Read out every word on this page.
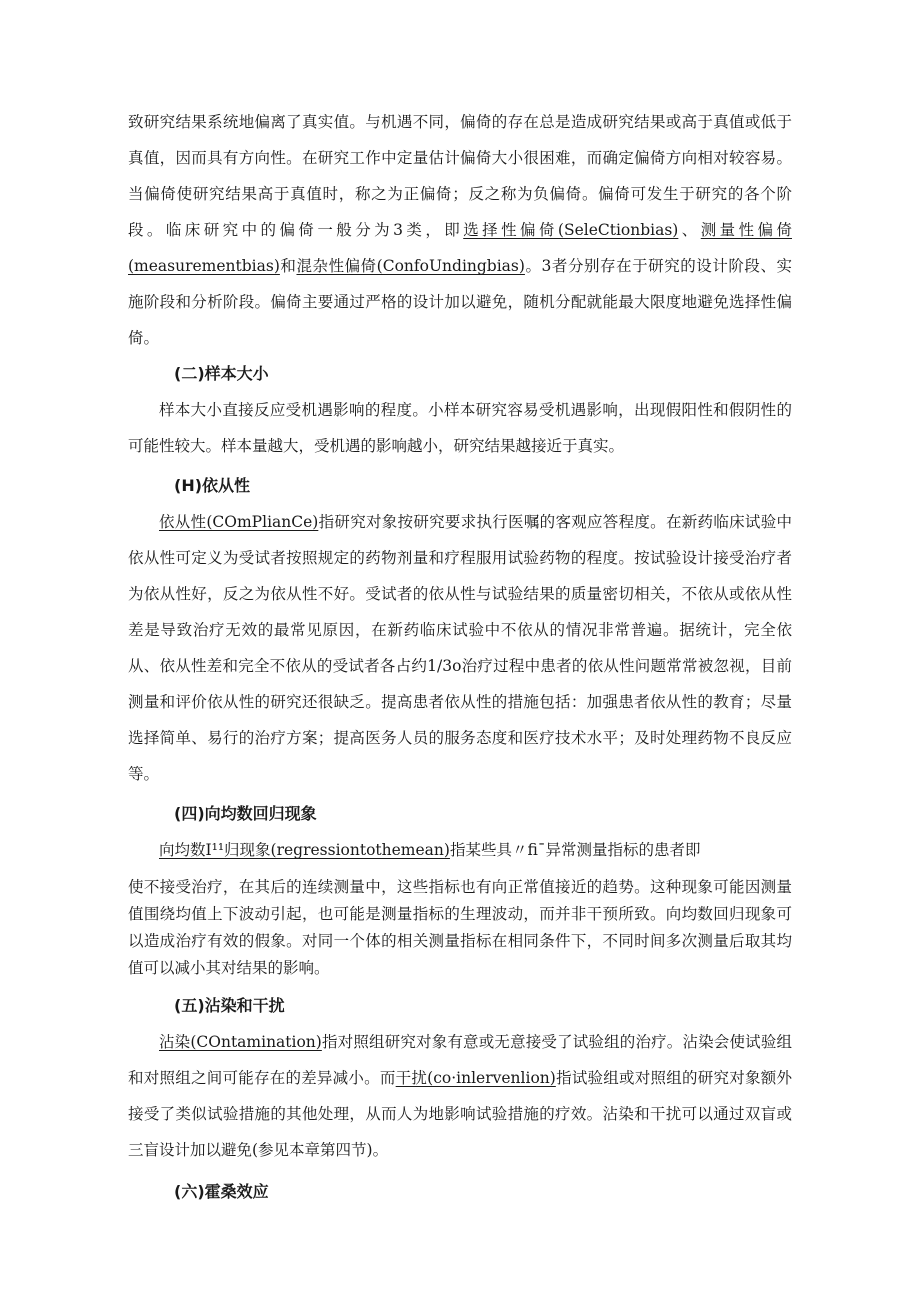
致研究结果系统地偏离了真实值。与机遇不同，偏倚的存在总是造成研究结果或高于真值或低于真值，因而具有方向性。在研究工作中定量估计偏倚大小很困难，而确定偏倚方向相对较容易。当偏倚使研究结果高于真值时，称之为正偏倚；反之称为负偏倚。偏倚可发生于研究的各个阶段。临床研究中的偏倚一般分为3类，即选择性偏倚(SeleCtionbias)、测量性偏倚(measurementbias)和混杂性偏倚(ConfoUndingbias)。3者分别存在于研究的设计阶段、实施阶段和分析阶段。偏倚主要通过严格的设计加以避免，随机分配就能最大限度地避免选择性偏倚。

(二)样本大小

样本大小直接反应受机遇影响的程度。小样本研究容易受机遇影响，出现假阳性和假阴性的可能性较大。样本量越大，受机遇的影响越小，研究结果越接近于真实。

(H)依从性

依从性(COmPlianCe)指研究对象按研究要求执行医嘱的客观应答程度。在新药临床试验中依从性可定义为受试者按照规定的药物剂量和疗程服用试验药物的程度。按试验设计接受治疗者为依从性好，反之为依从性不好。受试者的依从性与试验结果的质量密切相关，不依从或依从性差是导致治疗无效的最常见原因，在新药临床试验中不依从的情况非常普遍。据统计，完全依从、依从性差和完全不依从的受试者各占约1/3o治疗过程中患者的依从性问题常常被忽视，目前测量和评价依从性的研究还很缺乏。提高患者依从性的措施包括：加强患者依从性的教育；尽量选择简单、易行的治疗方案；提高医务人员的服务态度和医疗技术水平；及时处理药物不良反应等。

(四)向均数回归现象

向均数I¹¹归现象(regressiontothemean)指某些具〃fi¯异常测量指标的患者即

使不接受治疗，在其后的连续测量中，这些指标也有向正常值接近的趋势。这种现象可能因测量值围绕均值上下波动引起，也可能是测量指标的生理波动，而并非干预所致。向均数回归现象可以造成治疗有效的假象。对同一个体的相关测量指标在相同条件下，不同时间多次测量后取其均值可以减小其对结果的影响。

(五)沾染和干扰

沾染(COntamination)指对照组研究对象有意或无意接受了试验组的治疗。沾染会使试验组和对照组之间可能存在的差异减小。而干扰(co·inlervenlion)指试验组或对照组的研究对象额外接受了类似试验措施的其他处理，从而人为地影响试验措施的疗效。沾染和干扰可以通过双盲或三盲设计加以避免(参见本章第四节)。

(六)霍桑效应
